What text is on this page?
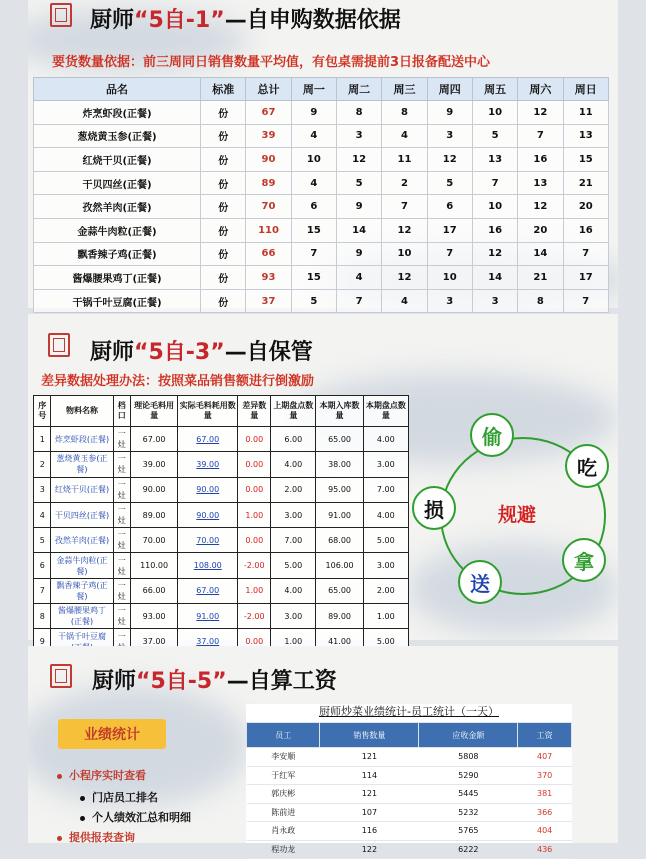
厨师“5自-1”—自申购数据依据
要货数量依据：前三周同日销售数量平均值，有包桌需提前3日报备配送中心
品名	标准	总计	周一	周二	周三	周四	周五	周六	周日
炸烹虾段(正餐)	份	67	9	8	8	9	10	12	11
葱烧黄玉参(正餐)	份	39	4	3	4	3	5	7	13
红烧干贝(正餐)	份	90	10	12	11	12	13	16	15
干贝四丝(正餐)	份	89	4	5	2	5	7	13	21
孜然羊肉(正餐)	份	70	6	9	7	6	10	12	20
金蒜牛肉粒(正餐)	份	110	15	14	12	17	16	20	16
飘香辣子鸡(正餐)	份	66	7	9	10	7	12	14	7
酱爆腰果鸡丁(正餐)	份	93	15	4	12	10	14	21	17
干锅千叶豆腐(正餐)	份	37	5	7	4	3	3	8	7
厨师“5自-3”—自保管
差异数据处理办法：按照菜品销售额进行倒激励
序号	物料名称	档口	理论毛料用量	实际毛料耗用数量	差异数量	上期盘点数量	本期入库数量	本期盘点数量
1	炸烹虾段(正餐)	一灶	67.00	67.00	0.00	6.00	65.00	4.00
2	葱烧黄玉参(正餐)	一灶	39.00	39.00	0.00	4.00	38.00	3.00
3	红烧干贝(正餐)	一灶	90.00	90.00	0.00	2.00	95.00	7.00
4	干贝四丝(正餐)	一灶	89.00	90.00	1.00	3.00	91.00	4.00
5	孜然羊肉(正餐)	一灶	70.00	70.00	0.00	7.00	68.00	5.00
6	金蒜牛肉粒(正餐)	一灶	110.00	108.00	-2.00	5.00	106.00	3.00
7	飘香辣子鸡(正餐)	一灶	66.00	67.00	1.00	4.00	65.00	2.00
8	酱爆腰果鸡丁(正餐)	一灶	93.00	91.00	-2.00	3.00	89.00	1.00
9	干锅千叶豆腐	一	37.00	37.00	0.00	1.00	41.00	5.00
偷
吃
拿
送
损	规避
厨师“5自-5”—自算工资
业绩统计
小程序实时查看
门店员工排名
个人绩效汇总和明细
提供报表查询
厨师炒菜业绩统计-员工统计（一天）
员工	销售数量	应收金额	工资
李安顺	121	5808	407
于红军	114	5290	370
郭庆彬	121	5445	381
陈前进	107	5232	366
肖永政	116	5765	404
程功龙	122	6222	436
